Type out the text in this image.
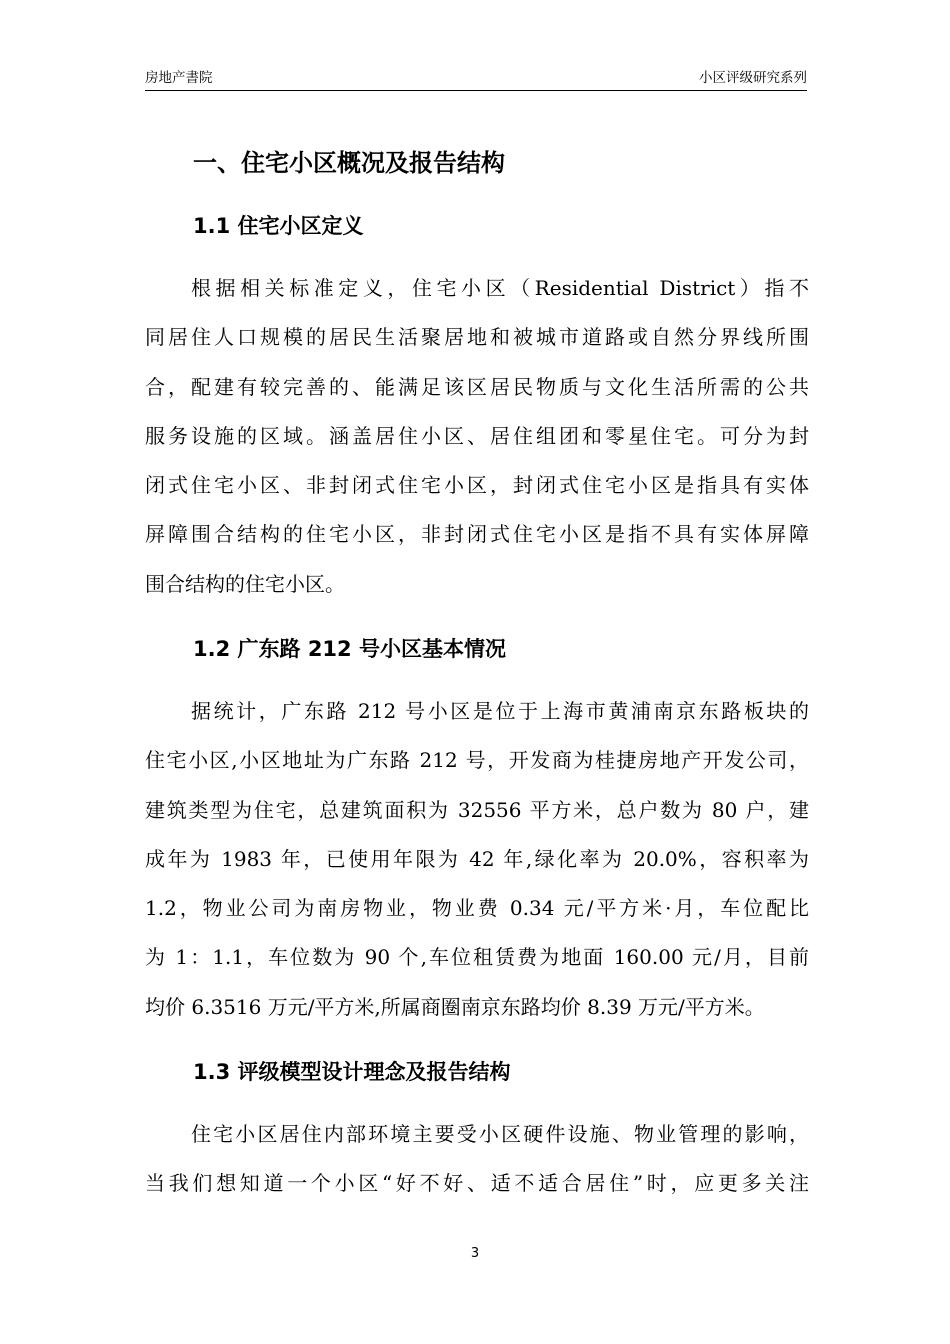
房地产書院	小区评级研究系列
一、住宅小区概况及报告结构
1.1 住宅小区定义
根据相关标准定义，住宅小区（Residential District）指不
同居住人口规模的居民生活聚居地和被城市道路或自然分界线所围
合，配建有较完善的、能满足该区居民物质与文化生活所需的公共
服务设施的区域。涵盖居住小区、居住组团和零星住宅。可分为封
闭式住宅小区、非封闭式住宅小区，封闭式住宅小区是指具有实体
屏障围合结构的住宅小区，非封闭式住宅小区是指不具有实体屏障
围合结构的住宅小区。
1.2 广东路 212 号小区基本情况
据统计，广东路 212 号小区是位于上海市黄浦南京东路板块的
住宅小区,小区地址为广东路 212 号，开发商为桂捷房地产开发公司，
建筑类型为住宅，总建筑面积为 32556 平方米，总户数为 80 户，建
成年为 1983 年，已使用年限为 42 年,绿化率为 20.0%，容积率为
1.2，物业公司为南房物业，物业费 0.34 元/平方米·月，车位配比
为 1：1.1，车位数为 90 个,车位租赁费为地面 160.00 元/月，目前
均价 6.3516 万元/平方米,所属商圈南京东路均价 8.39 万元/平方米。
1.3 评级模型设计理念及报告结构
住宅小区居住内部环境主要受小区硬件设施、物业管理的影响，
当我们想知道一个小区“好不好、适不适合居住”时，应更多关注
3
